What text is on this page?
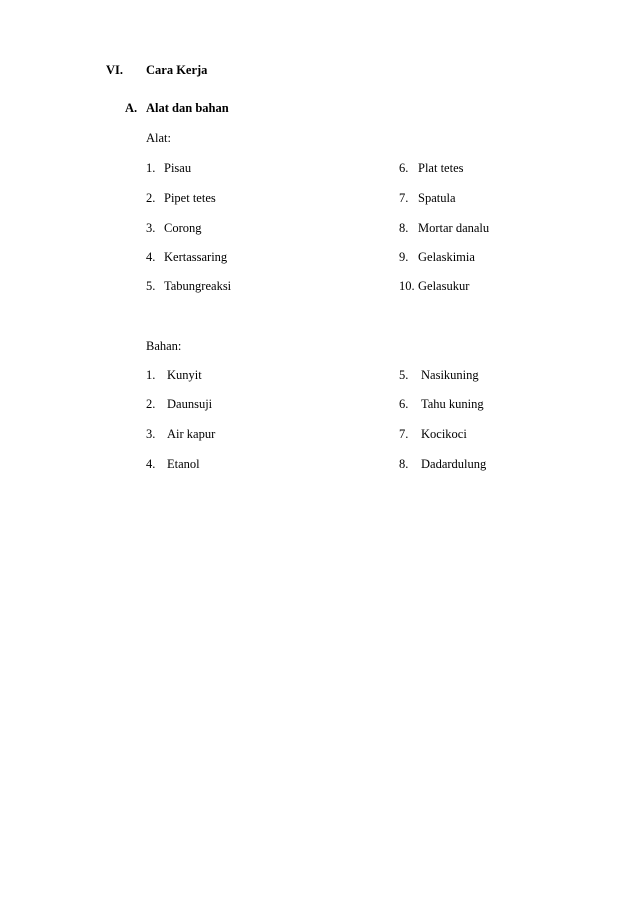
VI. Cara Kerja
A. Alat dan bahan
Alat:
1. Pisau
2. Pipet tetes
3. Corong
4. Kertassaring
5. Tabungreaksi
6. Plat tetes
7. Spatula
8. Mortar danalu
9. Gelaskimia
10. Gelasukur
Bahan:
1. Kunyit
2. Daunsuji
3. Air kapur
4. Etanol
5. Nasikuning
6. Tahu kuning
7. Kocikoci
8. Dadardulung
